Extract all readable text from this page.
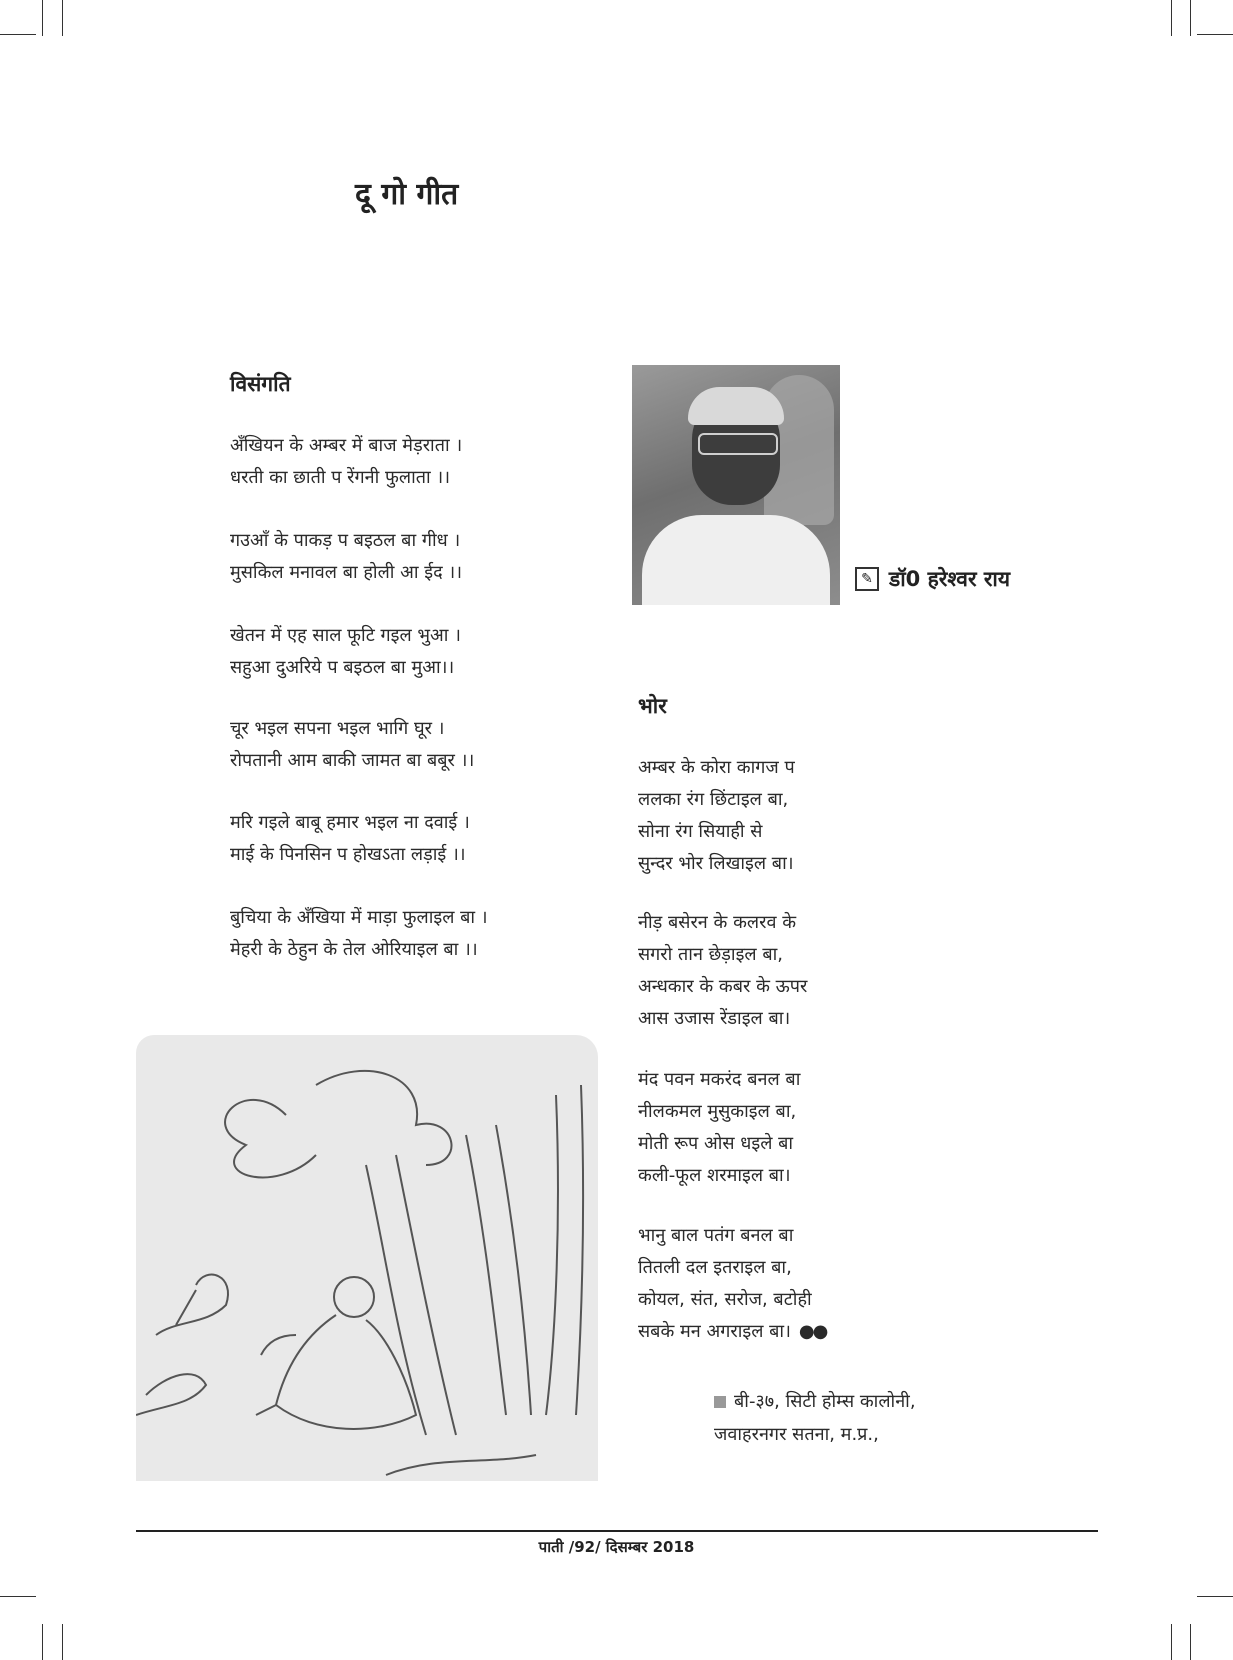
दू गो गीत
विसंगति
अँखियन के अम्बर में बाज मेड़राता ।
धरती का छाती प रेंगनी फुलाता ।।
गउआँ के पाकड़ प बइठल बा गीध ।
मुसकिल मनावल बा होली आ ईद ।।
खेतन में एह साल फूटि गइल भुआ ।
सहुआ दुअरिये प बइठल बा मुआ।।
चूर भइल सपना भइल भागि घूर ।
रोपतानी आम बाकी जामत बा बबूर ।।
मरि गइले बाबू हमार भइल ना दवाई ।
माई के पिनसिन प होखऽता लड़ाई ।।
बुचिया के अँखिया में माड़ा फुलाइल बा ।
मेहरी के ठेहुन के तेल ओरियाइल बा ।।
✎ डॉ0 हरेश्वर राय
भोर
अम्बर के कोरा कागज प
ललका रंग छिंटाइल बा,
सोना रंग सियाही से
सुन्दर भोर लिखाइल बा।
नीड़ बसेरन के कलरव के
सगरो तान छेड़ाइल बा,
अन्धकार के कबर के ऊपर
आस उजास रेंडाइल बा।
मंद पवन मकरंद बनल बा
नीलकमल मुसुकाइल बा,
मोती रूप ओस धइले बा
कली-फूल शरमाइल बा।
भानु बाल पतंग बनल बा
तितली दल इतराइल बा,
कोयल, संत, सरोज, बटोही
सबके मन अगराइल बा। ●●
बी-३७, सिटी होम्स कालोनी,
जवाहरनगर सतना, म.प्र.,
पाती /92/ दिसम्बर 2018
